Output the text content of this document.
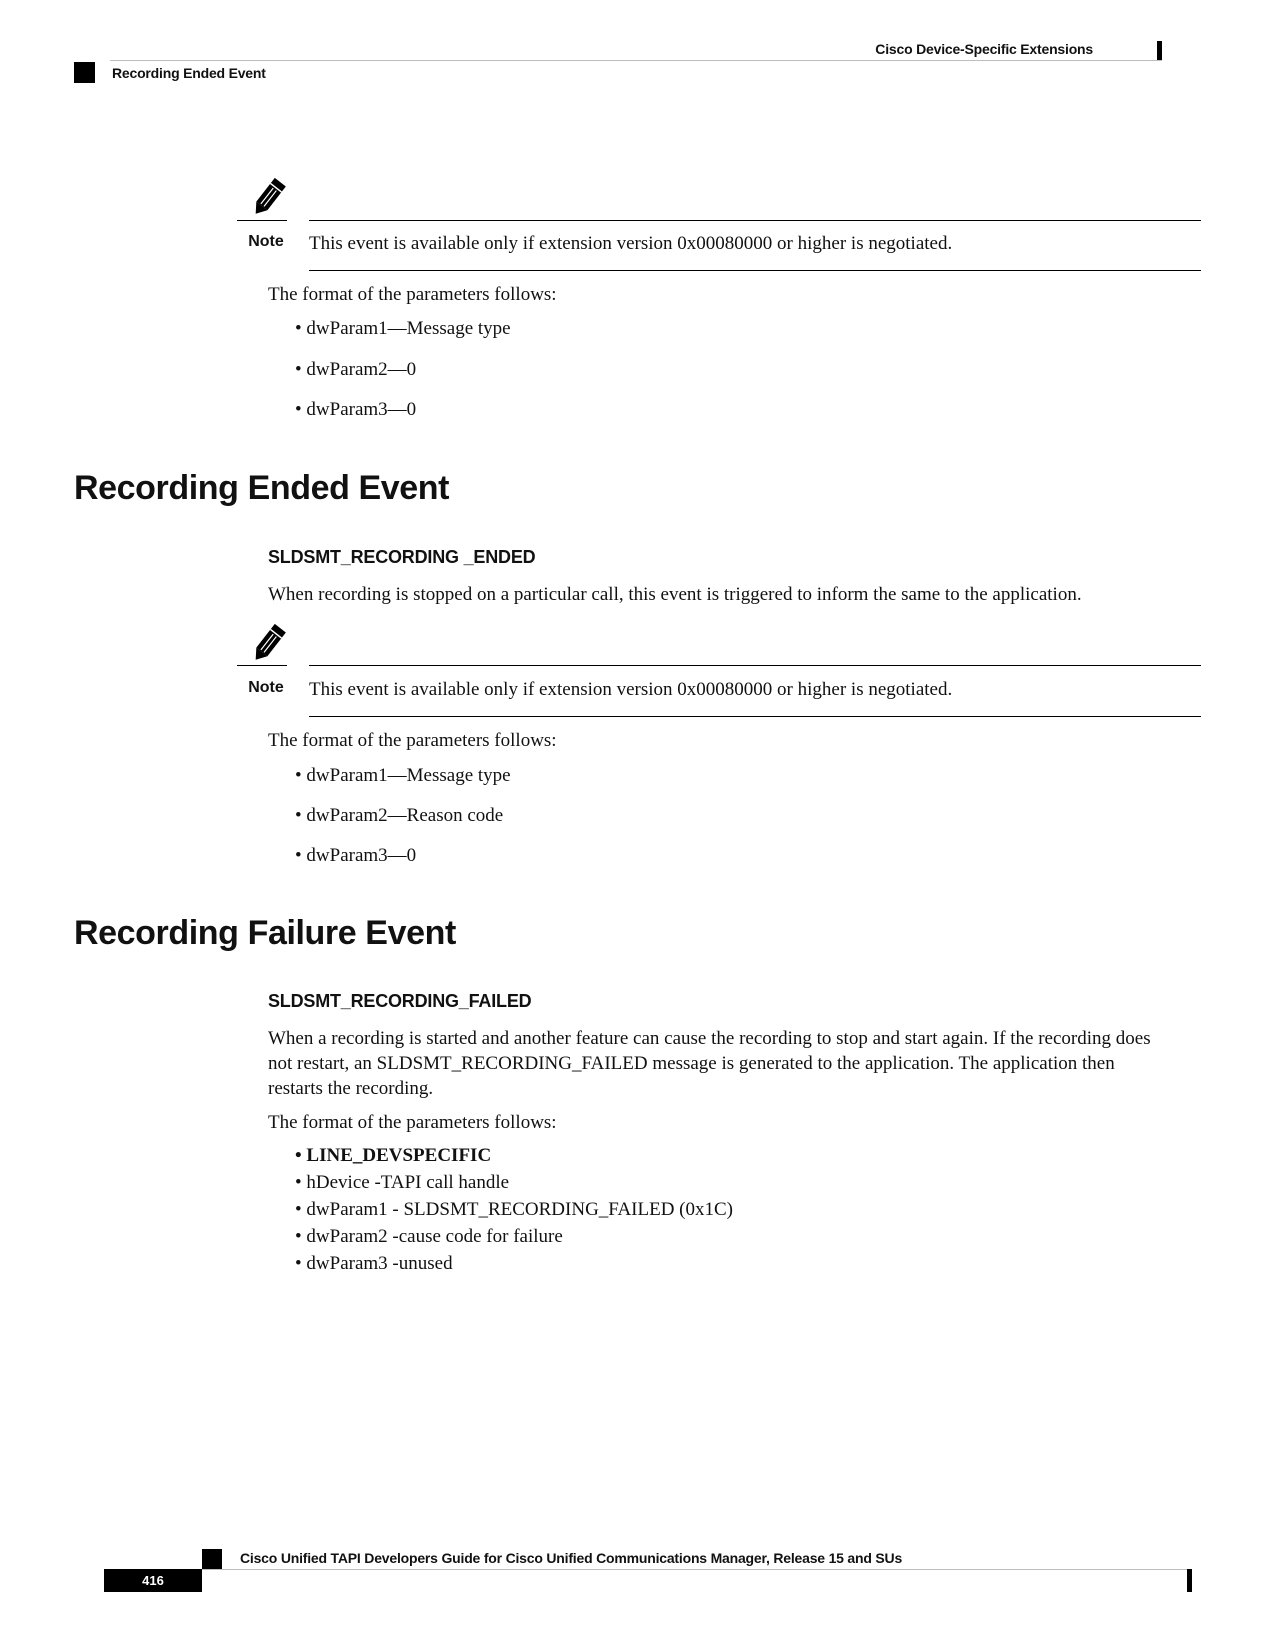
Cisco Device-Specific Extensions
Recording Ended Event
Note	This event is available only if extension version 0x00080000 or higher is negotiated.
The format of the parameters follows:
• dwParam1—Message type
• dwParam2—0
• dwParam3—0
Recording Ended Event
SLDSMT_RECORDING _ENDED
When recording is stopped on a particular call, this event is triggered to inform the same to the application.
Note	This event is available only if extension version 0x00080000 or higher is negotiated.
The format of the parameters follows:
• dwParam1—Message type
• dwParam2—Reason code
• dwParam3—0
Recording Failure Event
SLDSMT_RECORDING_FAILED
When a recording is started and another feature can cause the recording to stop and start again. If the recording does not restart, an SLDSMT_RECORDING_FAILED message is generated to the application. The application then restarts the recording.
The format of the parameters follows:
• LINE_DEVSPECIFIC
• hDevice -TAPI call handle
• dwParam1 - SLDSMT_RECORDING_FAILED (0x1C)
• dwParam2 -cause code for failure
• dwParam3 -unused
Cisco Unified TAPI Developers Guide for Cisco Unified Communications Manager, Release 15 and SUs
416
